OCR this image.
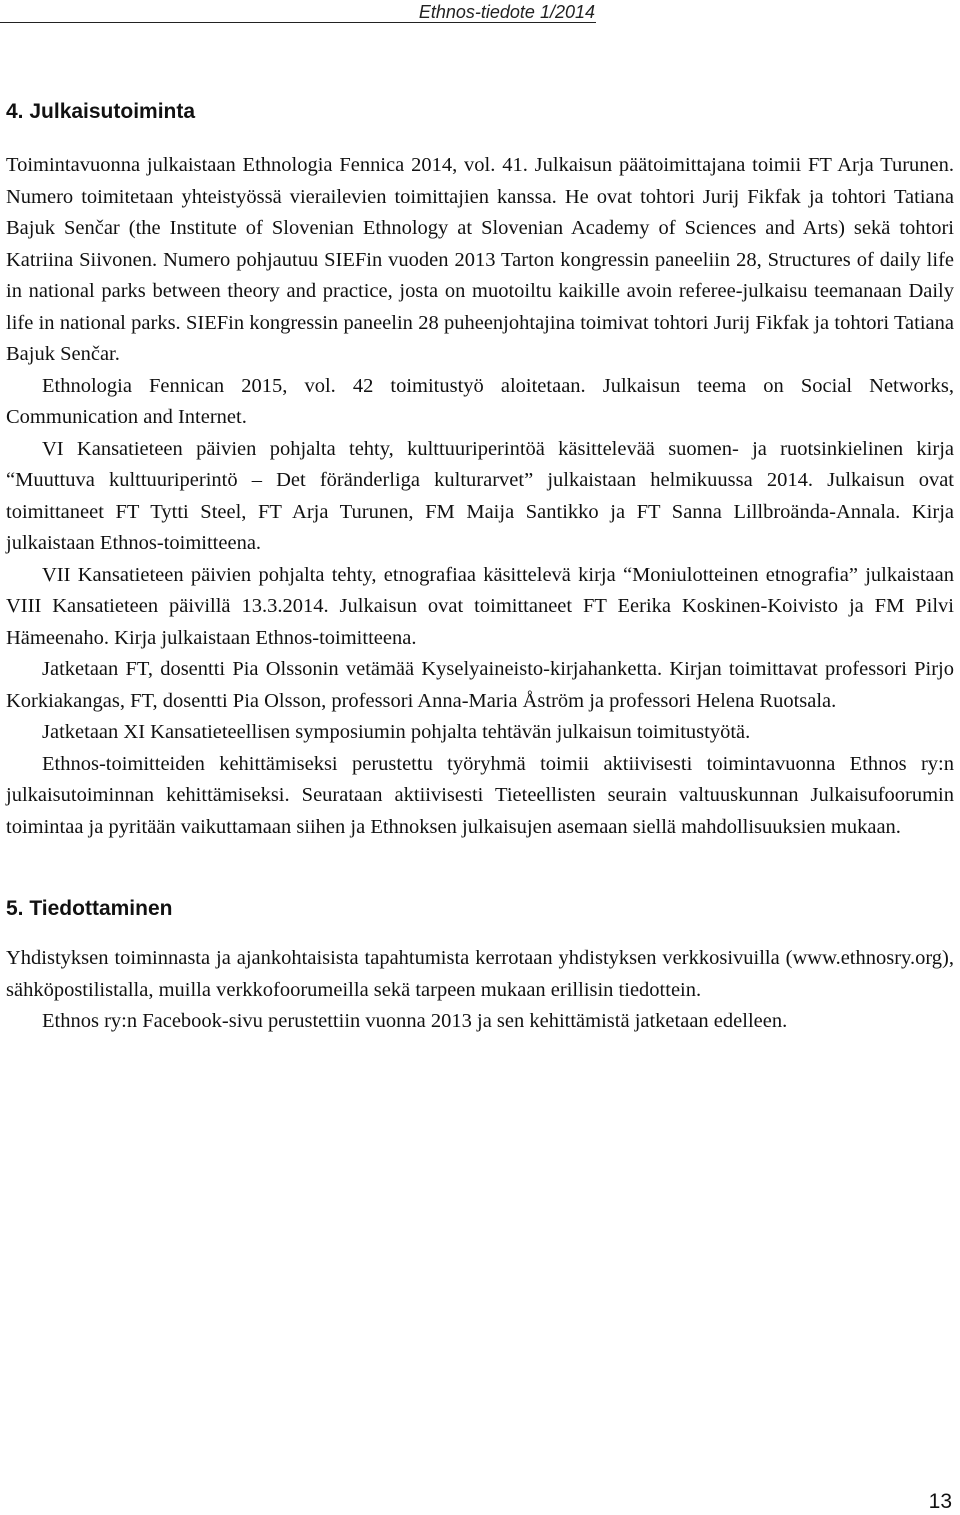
Ethnos-tiedote 1/2014
4. Julkaisutoiminta

Toimintavuonna julkaistaan Ethnologia Fennica 2014, vol. 41. Julkaisun päätoimittajana toimii FT Arja Turunen. Numero toimitetaan yhteistyössä vierailevien toimittajien kanssa. He ovat tohtori Jurij Fikfak ja tohtori Tatiana Bajuk Senčar (the Institute of Slovenian Ethnology at Slovenian Academy of Sciences and Arts) sekä tohtori Katriina Siivonen. Numero pohjautuu SIEFin vuoden 2013 Tarton kongressin paneeliin 28, Structures of daily life in national parks between theory and practice, josta on muotoiltu kaikille avoin referee-julkaisu teemanaan Daily life in national parks. SIEFin kongressin paneelin 28 puheenjohtajina toimivat tohtori Jurij Fikfak ja tohtori Tatiana Bajuk Senčar.

Ethnologia Fennican 2015, vol. 42 toimitustyö aloitetaan. Julkaisun teema on Social Networks, Communication and Internet.

VI Kansatieteen päivien pohjalta tehty, kulttuuriperintöä käsittelevää suomen- ja ruotsinkielinen kirja “Muuttuva kulttuuriperintö – Det föränderliga kulturarvet” julkaistaan helmikuussa 2014. Julkaisun ovat toimittaneet FT Tytti Steel, FT Arja Turunen, FM Maija Santikko ja FT Sanna Lillbroända-Annala. Kirja julkaistaan Ethnos-toimitteena.

VII Kansatieteen päivien pohjalta tehty, etnografiaa käsittelevä kirja “Moniulotteinen etnografia” julkaistaan VIII Kansatieteen päivillä 13.3.2014. Julkaisun ovat toimittaneet FT Eerika Koskinen-Koivisto ja FM Pilvi Hämeenaho. Kirja julkaistaan Ethnos-toimitteena.

Jatketaan FT, dosentti Pia Olssonin vetämää Kyselyaineisto-kirjahanketta. Kirjan toimittavat professori Pirjo Korkiakangas, FT, dosentti Pia Olsson, professori Anna-Maria Åström ja professori Helena Ruotsala.

Jatketaan XI Kansatieteellisen symposiumin pohjalta tehtävän julkaisun toimitustyötä.

Ethnos-toimitteiden kehittämiseksi perustettu työryhmä toimii aktiivisesti toimintavuonna Ethnos ry:n julkaisutoiminnan kehittämiseksi. Seurataan aktiivisesti Tieteellisten seurain valtuuskunnan Julkaisufoorumin toimintaa ja pyritään vaikuttamaan siihen ja Ethnoksen julkaisujen asemaan siellä mahdollisuuksien mukaan.

5. Tiedottaminen

Yhdistyksen toiminnasta ja ajankohtaisista tapahtumista kerrotaan yhdistyksen verkkosivuilla (www.ethnosry.org), sähköpostilistalla, muilla verkkofoorumeilla sekä tarpeen mukaan erillisin tiedottein.

Ethnos ry:n Facebook-sivu perustettiin vuonna 2013 ja sen kehittämistä jatketaan edelleen.

13
